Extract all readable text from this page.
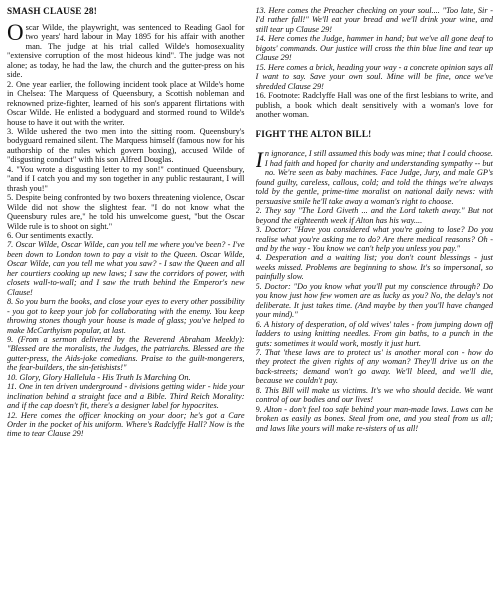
SMASH CLAUSE 28!

Oscar Wilde, the playwright, was sentenced to Reading Gaol for two years' hard labour in May 1895 for his affair with another man. The judge at his trial called Wilde's homosexuality "extensive corruption of the most hideous kind". The judge was not alone; as today, he had the law, the church and the gutter-press on his side.

2. One year earlier, the following incident took place at Wilde's home in Chelsea: The Marquess of Queensbury, a Scottish nobleman and reknowned prize-fighter, learned of his son's apparent flirtations with Oscar Wilde. He enlisted a bodyguard and stormed round to Wilde's house to have it out with the writer.

3. Wilde ushered the two men into the sitting room. Queensbury's bodyguard remained silent. The Marquess himself (famous now for his authorship of the rules which govern boxing), accused Wilde of "disgusting conduct" with his son Alfred Douglas.

4. "You wrote a disgusting letter to my son!" continued Queensbury, "and if I catch you and my son together in any public restaurant, I will thrash you!"

5. Despite being confronted by two boxers threatening violence, Oscar Wilde did not show the slightest fear. "I do not know what the Queensbury rules are," he told his unwelcome guest, "but the Oscar Wilde rule is to shoot on sight."

6. Our sentiments exactly.

7. Oscar Wilde, Oscar Wilde, can you tell me where you've been? - I've been down to London town to pay a visit to the Queen. Oscar Wilde, Oscar Wilde, can you tell me what you saw? - I saw the Queen and all her courtiers cooking up new laws; I saw the corridors of power, with closets wall-to-wall; and I saw the truth behind the Emperor's new Clause!

8. So you burn the books, and close your eyes to every other possibility - you got to keep your job for collaborating with the enemy. You keep throwing stones though your house is made of glass; you've helped to make McCarthyism popular, at last.

9. (From a sermon delivered by the Reverend Abraham Meekly): "Blessed are the moralists, the Judges, the patriarchs. Blessed are the gutter-press, the Aids-joke comedians. Praise to the guilt-mongerers, the fear-builders, the sin-fetishists!"

10. Glory, Glory Hallelula - His Truth Is Marching On.

11. One in ten driven underground - divisions getting wider - hide your inclination behind a straight face and a Bible. Third Reich Morality: and if the cap doesn't fit, there's a designer label for hypocrites.

12. Here comes the officer knocking on your door; he's got a Care Order in the pocket of his uniform. Where's Radclyffe Hall? Now is the time to tear Clause 29!

13. Here comes the Preacher checking on your soul.... "Too late, Sir - I'd rather fall!" We'll eat your bread and we'll drink your wine, and still tear up Clause 29!

14. Here comes the Judge, hammer in hand; but we've all gone deaf to bigots' commands. Our justice will cross the thin blue line and tear up Clause 29!

15. Here comes a brick, heading your way - a concrete opinion says all I want to say. Save your own soul. Mine will be fine, once we've shredded Clause 29!

16. Footnote: Radclyffe Hall was one of the first lesbians to write, and publish, a book which dealt sensitively with a woman's love for another woman.

FIGHT THE ALTON BILL!

In ignorance, I still assumed this body was mine; that I could choose. I had faith and hoped for charity and understanding sympathy -- but no. We're seen as baby machines. Face Judge, Jury, and male GP's found guilty, careless, callous, cold; and told the things we're always told by the gentle, prime-time moralist on national daily news: with persuasive smile he'll take away a woman's right to choose.

2. They say "The Lord Giveth ... and the Lord taketh away." But not beyond the eighteenth week if Alton has his way....

3. Doctor: "Have you considered what you're going to lose? Do you realise what you're asking me to do? Are there medical reasons? Oh - and by the way - You know we can't help you unless you pay."

4. Desperation and a waiting list; you don't count blessings - just weeks missed. Problems are beginning to show. It's so impersonal, so painfully slow.

5. Doctor: "Do you know what you'll put my conscience through? Do you know just how few women are as lucky as you? No, the delay's not deliberate. It just takes time. (And maybe by then you'll have changed your mind)."

6. A history of desperation, of old wives' tales - from jumping down off ladders to using knitting needles. From gin baths, to a punch in the guts: sometimes it would work, mostly it just hurt.

7. That 'these laws are to protect us' is another moral con - how do they protect the given rights of any woman? They'll drive us on the back-streets; demand won't go away. We'll bleed, and we'll die, because we couldn't pay.

8. This Bill will make us victims. It's we who should decide. We want control of our bodies and our lives!

9. Alton - don't feel too safe behind your man-made laws. Laws can be broken as easily as bones. Steal from one, and you steal from us all; and laws like yours will make re-sisters of us all!
